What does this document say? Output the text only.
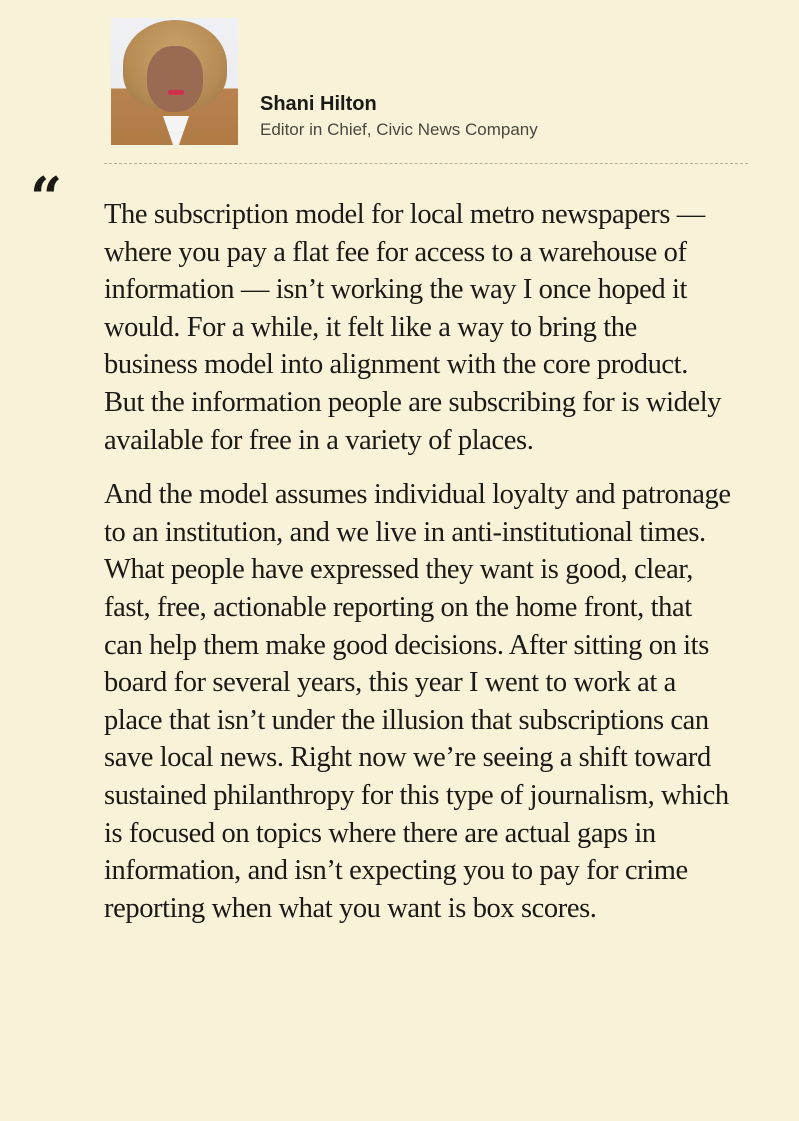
Shani Hilton
Editor in Chief, Civic News Company
“ The subscription model for local metro newspapers — where you pay a flat fee for access to a warehouse of information — isn’t working the way I once hoped it would. For a while, it felt like a way to bring the business model into alignment with the core product. But the information people are subscribing for is widely available for free in a variety of places.

And the model assumes individual loyalty and patronage to an institution, and we live in anti-institutional times. What people have expressed they want is good, clear, fast, free, actionable reporting on the home front, that can help them make good decisions. After sitting on its board for several years, this year I went to work at a place that isn’t under the illusion that subscriptions can save local news. Right now we’re seeing a shift toward sustained philanthropy for this type of journalism, which is focused on topics where there are actual gaps in information, and isn’t expecting you to pay for crime reporting when what you want is box scores.
